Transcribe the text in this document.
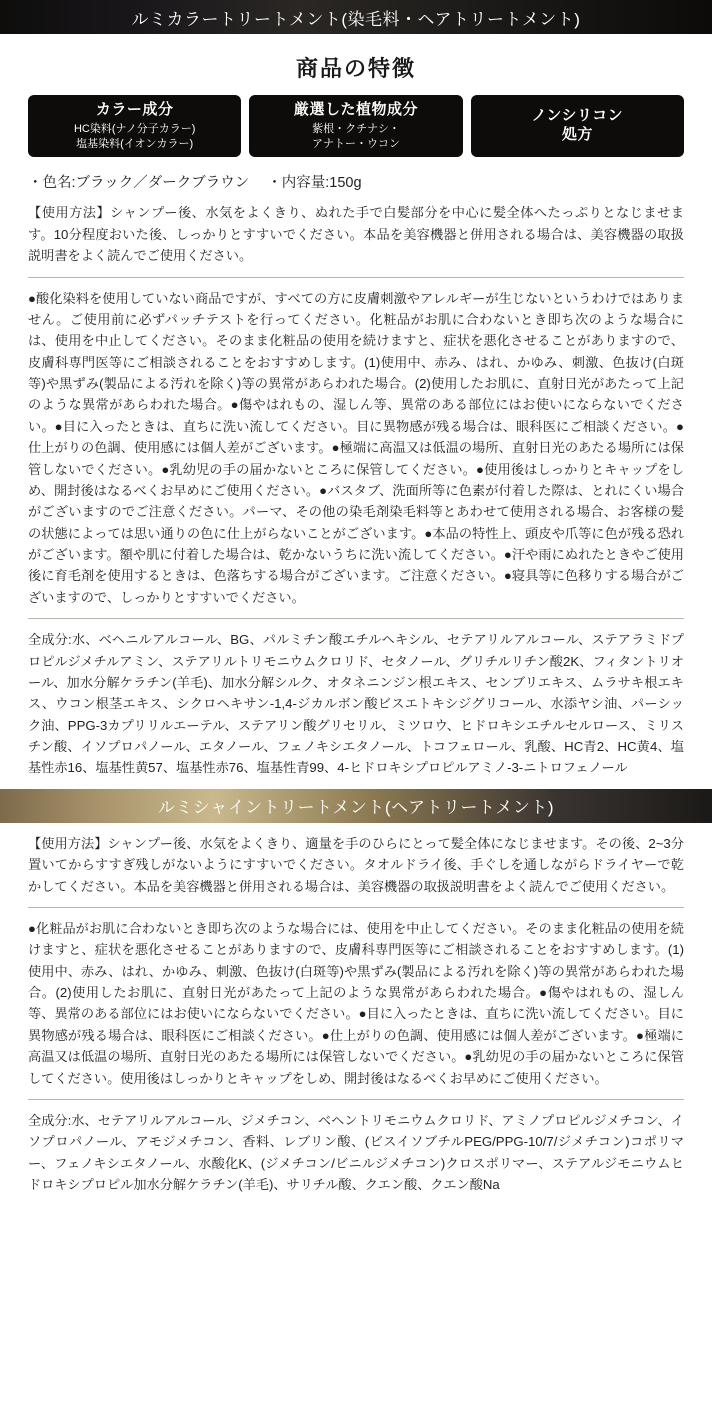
ルミカラートリートメント(染毛料・ヘアトリートメント)
商品の特徴
カラー成分
HC染料(ナノ分子カラー)
塩基染料(イオンカラー)
厳選した植物成分
紫根・クチナシ・
アナトー・ウコン
ノンシリコン
処方
・色名:ブラック／ダークブラウン ・内容量:150g

【使用方法】シャンプー後、水気をよくきり、ぬれた手で白髪部分を中心に髪全体へたっぷりとなじませます。10分程度おいた後、しっかりとすすいでください。本品を美容機器と併用される場合は、美容機器の取扱説明書をよく読んでご使用ください。

●酸化染料を使用していない商品ですが、すべての方に皮膚刺激やアレルギーが生じないというわけではありません。ご使用前に必ずパッチテストを行ってください。化粧品がお肌に合わないとき即ち次のような場合には、使用を中止してください。そのまま化粧品の使用を続けますと、症状を悪化させることがありますので、皮膚科専門医等にご相談されることをおすすめします。(1)使用中、赤み、はれ、かゆみ、刺激、色抜け(白斑等)や黒ずみ(製品による汚れを除く)等の異常があらわれた場合。(2)使用したお肌に、直射日光があたって上記のような異常があらわれた場合。●傷やはれもの、湿しん等、異常のある部位にはお使いにならないでください。●目に入ったときは、直ちに洗い流してください。目に異物感が残る場合は、眼科医にご相談ください。●仕上がりの色調、使用感には個人差がございます。●極端に高温又は低温の場所、直射日光のあたる場所には保管しないでください。●乳幼児の手の届かないところに保管してください。●使用後はしっかりとキャップをしめ、開封後はなるべくお早めにご使用ください。●バスタブ、洗面所等に色素が付着した際は、とれにくい場合がございますのでご注意ください。パーマ、その他の染毛剤染毛料等とあわせて使用される場合、お客様の髪の状態によっては思い通りの色に仕上がらないことがございます。●本品の特性上、頭皮や爪等に色が残る恐れがございます。額や肌に付着した場合は、乾かないうちに洗い流してください。●汗や雨にぬれたときやご使用後に育毛剤を使用するときは、色落ちする場合がございます。ご注意ください。●寝具等に色移りする場合がございますので、しっかりとすすいでください。

全成分:水、ベヘニルアルコール、BG、パルミチン酸エチルヘキシル、セテアリルアルコール、ステアラミドプロピルジメチルアミン、ステアリルトリモニウムクロリド、セタノール、グリチルリチン酸2K、フィタントリオール、加水分解ケラチン(羊毛)、加水分解シルク、オタネニンジン根エキス、センブリエキス、ムラサキ根エキス、ウコン根茎エキス、シクロヘキサン-1,4-ジカルボン酸ビスエトキシジグリコール、水添ヤシ油、パーシック油、PPG-3カプリリルエーテル、ステアリン酸グリセリル、ミツロウ、ヒドロキシエチルセルロース、ミリスチン酸、イソプロパノール、エタノール、フェノキシエタノール、トコフェロール、乳酸、HC青2、HC黄4、塩基性赤16、塩基性黄57、塩基性赤76、塩基性青99、4-ヒドロキシプロピルアミノ-3-ニトロフェノール

ルミシャイントリートメント(ヘアトリートメント)

【使用方法】シャンプー後、水気をよくきり、適量を手のひらにとって髪全体になじませます。その後、2~3分置いてからすすぎ残しがないようにすすいでください。タオルドライ後、手ぐしを通しながらドライヤーで乾かしてください。本品を美容機器と併用される場合は、美容機器の取扱説明書をよく読んでご使用ください。

●化粧品がお肌に合わないとき即ち次のような場合には、使用を中止してください。そのまま化粧品の使用を続けますと、症状を悪化させることがありますので、皮膚科専門医等にご相談されることをおすすめします。(1)使用中、赤み、はれ、かゆみ、刺激、色抜け(白斑等)や黒ずみ(製品による汚れを除く)等の異常があらわれた場合。(2)使用したお肌に、直射日光があたって上記のような異常があらわれた場合。●傷やはれもの、湿しん等、異常のある部位にはお使いにならないでください。●目に入ったときは、直ちに洗い流してください。目に異物感が残る場合は、眼科医にご相談ください。●仕上がりの色調、使用感には個人差がございます。●極端に高温又は低温の場所、直射日光のあたる場所には保管しないでください。●乳幼児の手の届かないところに保管してください。使用後はしっかりとキャップをしめ、開封後はなるべくお早めにご使用ください。

全成分:水、セテアリルアルコール、ジメチコン、ベヘントリモニウムクロリド、アミノプロピルジメチコン、イソプロパノール、アモジメチコン、香料、レブリン酸、(ビスイソブチルPEG/PPG-10/7/ジメチコン)コポリマー、フェノキシエタノール、水酸化K、(ジメチコン/ビニルジメチコン)クロスポリマー、ステアルジモニウムヒドロキシプロピル加水分解ケラチン(羊毛)、サリチル酸、クエン酸、クエン酸Na
